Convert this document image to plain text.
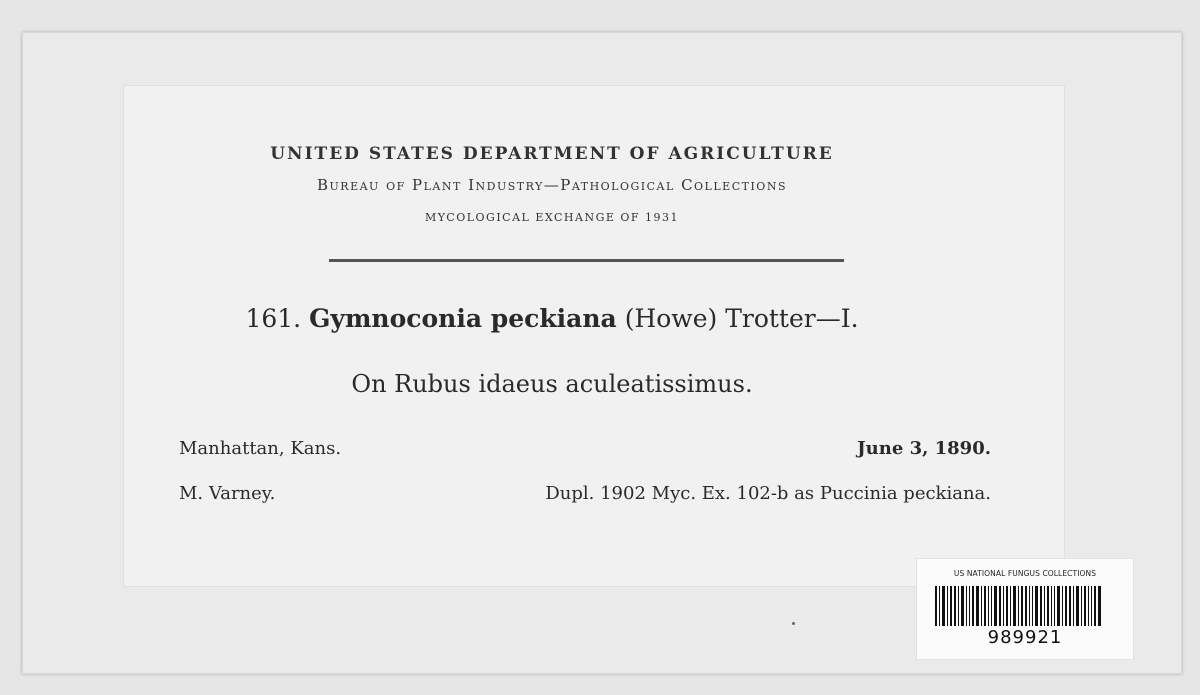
UNITED STATES DEPARTMENT OF AGRICULTURE
Bureau of Plant Industry—Pathological Collections
MYCOLOGICAL EXCHANGE OF 1931
161. Gymnoconia peckiana (Howe) Trotter—I.
On Rubus idaeus aculeatissimus.
Manhattan, Kans.	June 3, 1890.
M. Varney.	Dupl. 1902 Myc. Ex. 102-b as Puccinia peckiana.
US NATIONAL FUNGUS COLLECTIONS
989921
